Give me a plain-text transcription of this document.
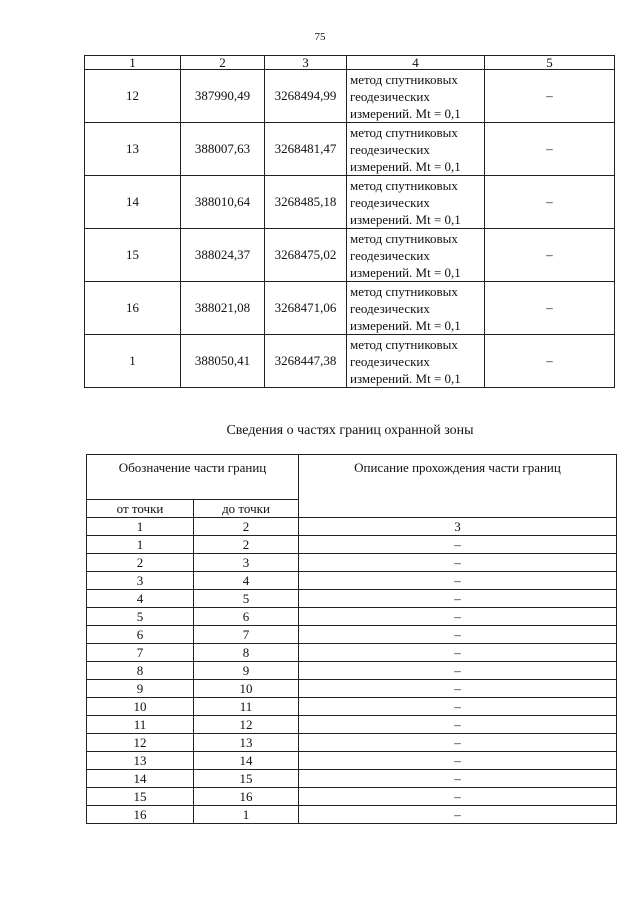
75
1	2	3	4	5
12	387990,49	3268494,99	метод спутниковых
геодезических
измерений. Mt = 0,1	–
13	388007,63	3268481,47	метод спутниковых
геодезических
измерений. Mt = 0,1	–
14	388010,64	3268485,18	метод спутниковых
геодезических
измерений. Mt = 0,1	–
15	388024,37	3268475,02	метод спутниковых
геодезических
измерений. Mt = 0,1	–
16	388021,08	3268471,06	метод спутниковых
геодезических
измерений. Mt = 0,1	–
1	388050,41	3268447,38	метод спутниковых
геодезических
измерений. Mt = 0,1	–
Сведения о частях границ охранной зоны
Обозначение части границ		Описание прохождения части границ
от точки	до точки	
1	2	3
1	2	–
2	3	–
3	4	–
4	5	–
5	6	–
6	7	–
7	8	–
8	9	–
9	10	–
10	11	–
11	12	–
12	13	–
13	14	–
14	15	–
15	16	–
16	1	–
